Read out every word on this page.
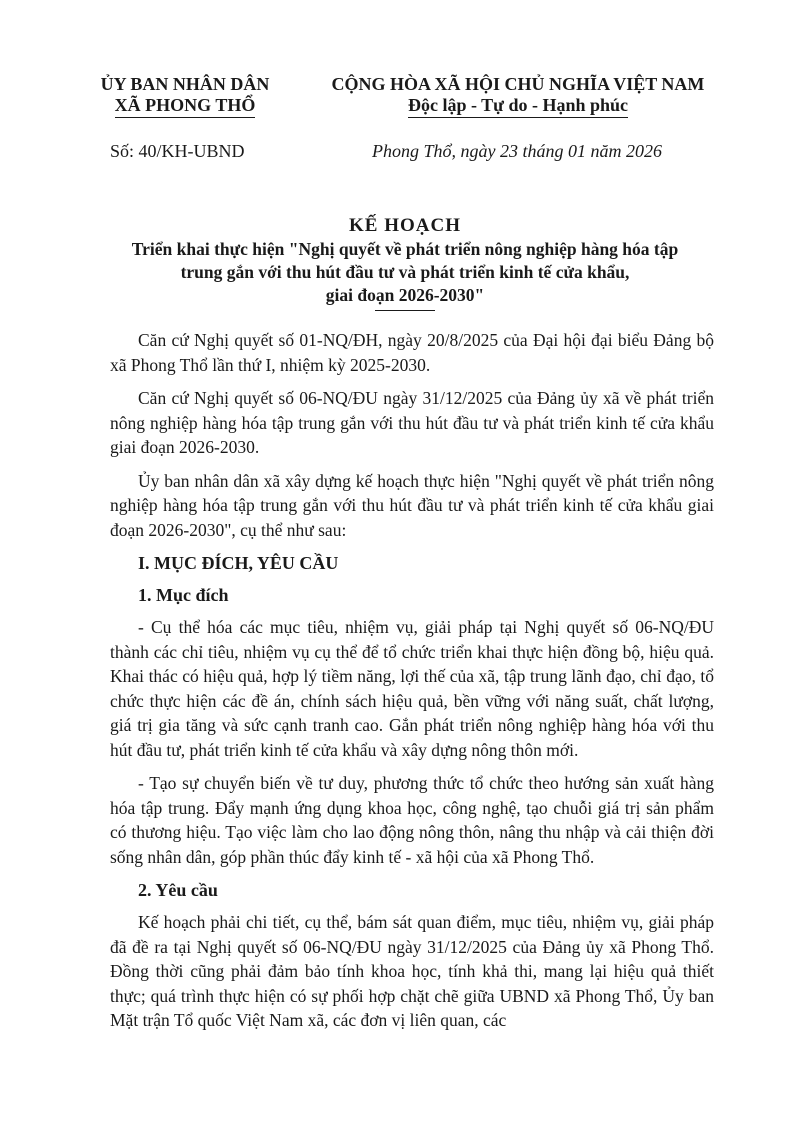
ỦY BAN NHÂN DÂN
XÃ PHONG THỔ
CỘNG HÒA XÃ HỘI CHỦ NGHĨA VIỆT NAM
Độc lập - Tự do - Hạnh phúc
Số: 40/KH-UBND	Phong Thổ, ngày 23 tháng 01 năm 2026
KẾ HOẠCH
Triển khai thực hiện "Nghị quyết về phát triển nông nghiệp hàng hóa tập
trung gắn với thu hút đầu tư và phát triển kinh tế cửa khẩu,
giai đoạn 2026-2030"

Căn cứ Nghị quyết số 01-NQ/ĐH, ngày 20/8/2025 của Đại hội đại biểu Đảng bộ xã Phong Thổ lần thứ I, nhiệm kỳ 2025-2030.

Căn cứ Nghị quyết số 06-NQ/ĐU ngày 31/12/2025 của Đảng ủy xã về phát triển nông nghiệp hàng hóa tập trung gắn với thu hút đầu tư và phát triển kinh tế cửa khẩu giai đoạn 2026-2030.

Ủy ban nhân dân xã xây dựng kế hoạch thực hiện "Nghị quyết về phát triển nông nghiệp hàng hóa tập trung gắn với thu hút đầu tư và phát triển kinh tế cửa khẩu giai đoạn 2026-2030", cụ thể như sau:

I. MỤC ĐÍCH, YÊU CẦU
1. Mục đích

- Cụ thể hóa các mục tiêu, nhiệm vụ, giải pháp tại Nghị quyết số 06-NQ/ĐU thành các chỉ tiêu, nhiệm vụ cụ thể để tổ chức triển khai thực hiện đồng bộ, hiệu quả. Khai thác có hiệu quả, hợp lý tiềm năng, lợi thế của xã, tập trung lãnh đạo, chỉ đạo, tổ chức thực hiện các đề án, chính sách hiệu quả, bền vững với năng suất, chất lượng, giá trị gia tăng và sức cạnh tranh cao. Gắn phát triển nông nghiệp hàng hóa với thu hút đầu tư, phát triển kinh tế cửa khẩu và xây dựng nông thôn mới.

- Tạo sự chuyển biến về tư duy, phương thức tổ chức theo hướng sản xuất hàng hóa tập trung. Đẩy mạnh ứng dụng khoa học, công nghệ, tạo chuỗi giá trị sản phẩm có thương hiệu. Tạo việc làm cho lao động nông thôn, nâng thu nhập và cải thiện đời sống nhân dân, góp phần thúc đẩy kinh tế - xã hội của xã Phong Thổ.

2. Yêu cầu

Kế hoạch phải chi tiết, cụ thể, bám sát quan điểm, mục tiêu, nhiệm vụ, giải pháp đã đề ra tại Nghị quyết số 06-NQ/ĐU ngày 31/12/2025 của Đảng ủy xã Phong Thổ. Đồng thời cũng phải đảm bảo tính khoa học, tính khả thi, mang lại hiệu quả thiết thực; quá trình thực hiện có sự phối hợp chặt chẽ giữa UBND xã Phong Thổ, Ủy ban Mặt trận Tổ quốc Việt Nam xã, các đơn vị liên quan, các
